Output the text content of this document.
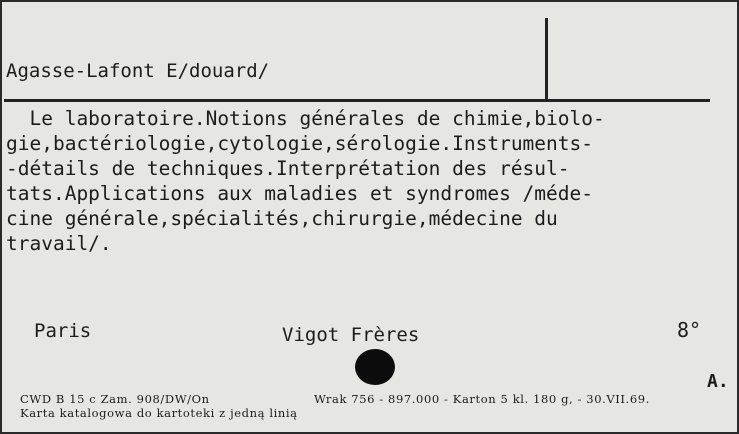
Agasse-Lafont E/douard/
Le laboratoire.Notions générales de chimie,biolo-
gie,bactériologie,cytologie,sérologie.Instruments-
-détails de techniques.Interprétation des résul-
tats.Applications aux maladies et syndromes /méde-
cine générale,spécialités,chirurgie,médecine du
travail/.
Paris	Vigot Frères	8°
A.
CWD B 15 c Zam. 908/DW/On	Wrak 756 - 897.000 - Karton 5 kl. 180 g, - 30.VII.69.
Karta katalogowa do kartoteki z jedną linią
